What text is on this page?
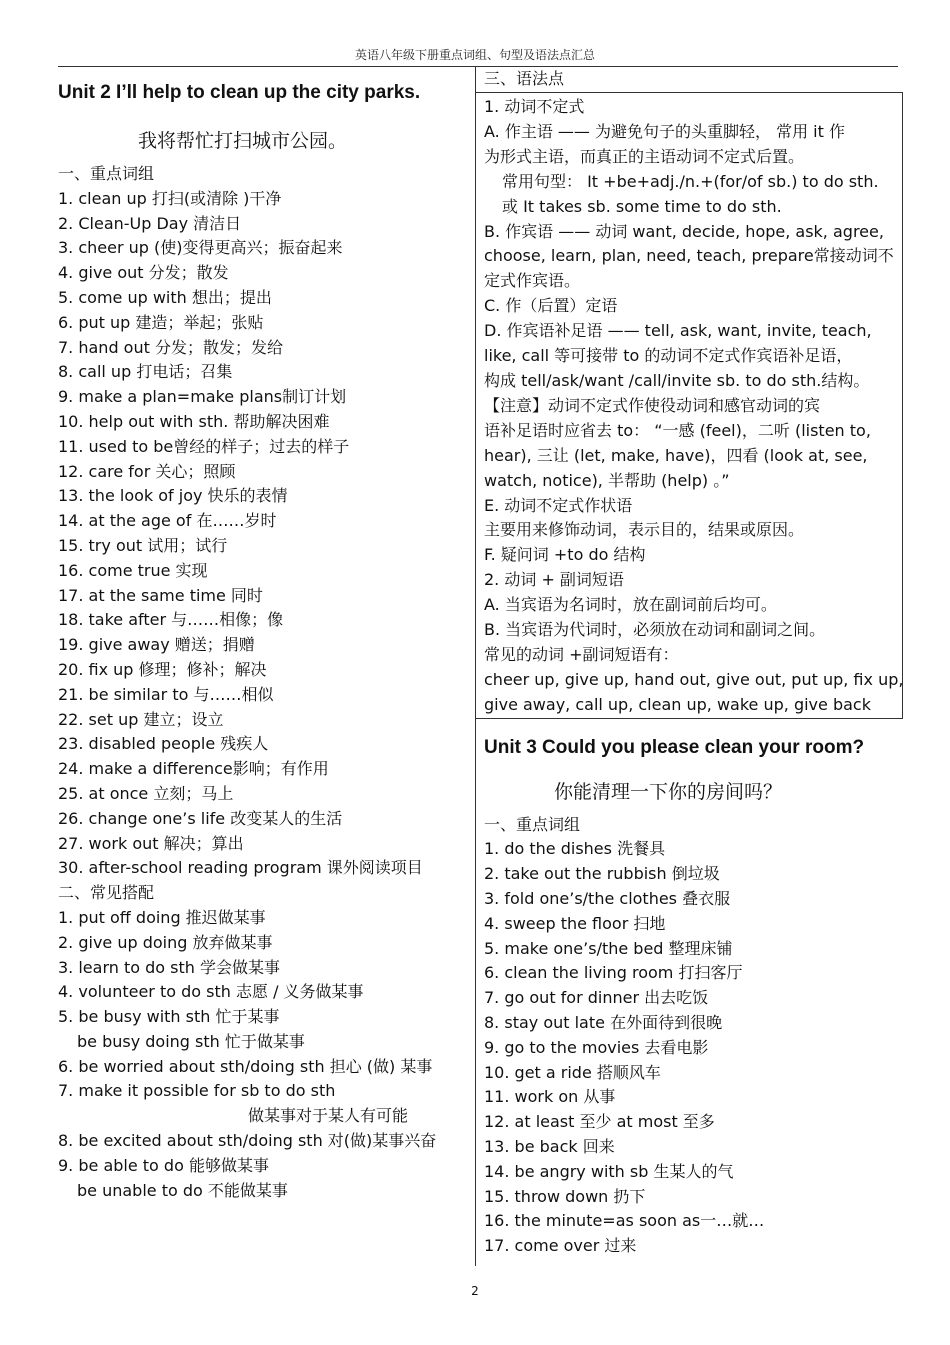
英语八年级下册重点词组、句型及语法点汇总
Unit 2 I’ll help to clean up the city parks.
我将帮忙打扫城市公园。
一、重点词组
1. clean up 打扫(或清除 )干净
2. Clean-Up Day 清洁日
3. cheer up (使)变得更高兴；振奋起来
4. give out 分发；散发
5. come up with 想出；提出
6. put up 建造；举起；张贴
7. hand out 分发；散发；发给
8. call up 打电话；召集
9. make a plan=make plans制订计划
10. help out with sth. 帮助解决困难
11. used to be曾经的样子；过去的样子
12. care for 关心；照顾
13. the look of joy 快乐的表情
14. at the age of 在……岁时
15. try out 试用；试行
16. come true 实现
17. at the same time 同时
18. take after 与……相像；像
19. give away 赠送；捐赠
20. fix up 修理；修补；解决
21. be similar to 与……相似
22. set up 建立；设立
23. disabled people 残疾人
24. make a difference影响；有作用
25. at once 立刻；马上
26. change one’s life 改变某人的生活
27. work out 解决；算出
30. after-school reading program 课外阅读项目
二、常见搭配
1. put off doing 推迟做某事
2. give up doing 放弃做某事
3. learn to do sth 学会做某事
4. volunteer to do sth 志愿 / 义务做某事
5. be busy with sth 忙于某事
be busy doing sth 忙于做某事
6. be worried about sth/doing sth 担心 (做) 某事
7. make it possible for sb to do sth
做某事对于某人有可能
8. be excited about sth/doing sth 对(做)某事兴奋
9. be able to do 能够做某事
be unable to do 不能做某事
三、语法点
1. 动词不定式
A. 作主语 —— 为避免句子的头重脚轻， 常用 it 作
为形式主语，而真正的主语动词不定式后置。
常用句型： It +be+adj./n.+(for/of sb.) to do sth.
或 It takes sb. some time to do sth.
B. 作宾语 —— 动词 want, decide, hope, ask, agree,
choose, learn, plan, need, teach, prepare常接动词不
定式作宾语。
C. 作（后置）定语
D. 作宾语补足语 —— tell, ask, want, invite, teach,
like, call 等可接带 to 的动词不定式作宾语补足语，
构成 tell/ask/want /call/invite sb. to do sth.结构。
【注意】动词不定式作使役动词和感官动词的宾
语补足语时应省去 to： “一感 (feel)，二听 (listen to,
hear), 三让 (let, make, have)，四看 (look at, see,
watch, notice), 半帮助 (help) 。”
E. 动词不定式作状语
主要用来修饰动词，表示目的，结果或原因。
F. 疑问词 +to do 结构
2. 动词 + 副词短语
A. 当宾语为名词时，放在副词前后均可。
B. 当宾语为代词时，必须放在动词和副词之间。
常见的动词 +副词短语有：
cheer up, give up, hand out, give out, put up, fix up,
give away, call up, clean up, wake up, give back
Unit 3 Could you please clean your room?
你能清理一下你的房间吗？
一、重点词组
1. do the dishes 洗餐具
2. take out the rubbish 倒垃圾
3. fold one’s/the clothes 叠衣服
4. sweep the floor 扫地
5. make one’s/the bed 整理床铺
6. clean the living room 打扫客厅
7. go out for dinner 出去吃饭
8. stay out late 在外面待到很晚
9. go to the movies 去看电影
10. get a ride 搭顺风车
11. work on 从事
12. at least 至少 at most 至多
13. be back 回来
14. be angry with sb 生某人的气
15. throw down 扔下
16. the minute=as soon as一…就…
17. come over 过来
2
